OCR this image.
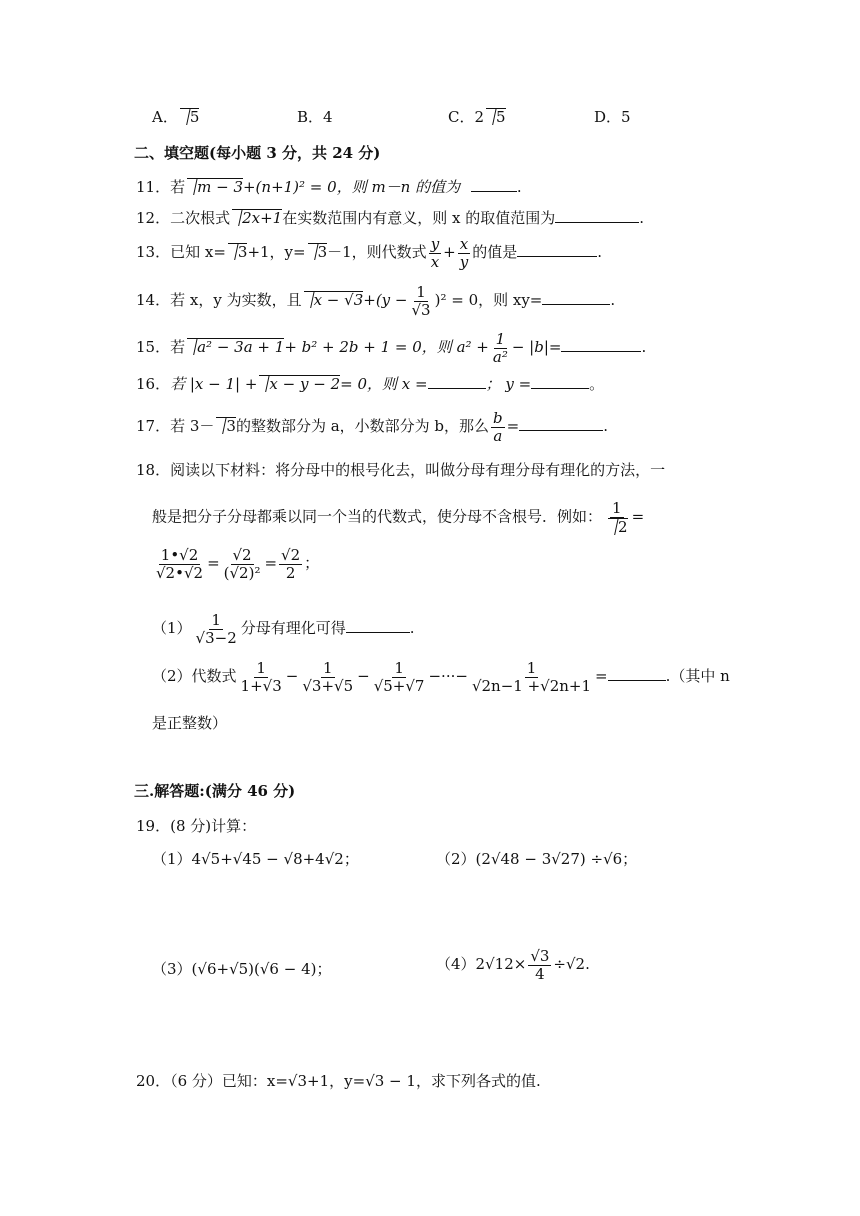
A． 5	B．4	C．2 5	D．5
二、填空题(每小题 3 分，共 24 分)
11．若 m − 3+(n+1)² = 0，则 m－n 的值为	.
12．二次根式 2x+1在实数范围内有意义，则 x 的取值范围为	.
13．已知 x= 3+1，y= 3－1，则代数式 $\frac{y}{x} + \frac{x}{y}$ 的值是	.
14．若 x，y 为实数，且 $x - √3+(y - \frac{1}{√3} )^2 = 0$，则 xy=	.
15．若 a² − 3a + 1+ b² + 2b + 1 = 0，则 $a^2 + \frac{1}{\text{a²}} - |b|=$	.
16．若 |x − 1| + x − y − 2= 0，则 x =	； y =	。
17．若 3－ 3的整数部分为 a，小数部分为 b，那么 $\frac{b}{a}$ =	.
18．阅读以下材料：将分母中的根号化去，叫做分母有理分母有理化的方法，一
般是把分子分母都乘以同一个当的代数式，使分母不含根号．例如： $\frac{1}{2}$ =
$\frac{1•√2}{√2•√2} = \frac{√2}{\text{(√2)²}} = \frac{√2}{2}$ ；
$(1) \frac{1}{√3-2}$ 分母有理化可得	.
（2）代数式 $\frac{1}{1+√3} - \frac{1}{√3+√5} - \frac{1}{√5+√7}$ −···− $\frac{1}{√2n-1 +√2n+1}$ =	.（其中 n
是正整数）
三.解答题:(满分 46 分)
19．(8 分)计算：
（1）4√5+√45 − √8+4√2；	（2）(2√48 − 3√27) ÷√6；
（3）(√6+√5)(√6 − 4)；	$(4)2√12\times \frac{√3}{4} \div√2$.
20．（6 分）已知：x=√3+1，y=√3 − 1，求下列各式的值.
